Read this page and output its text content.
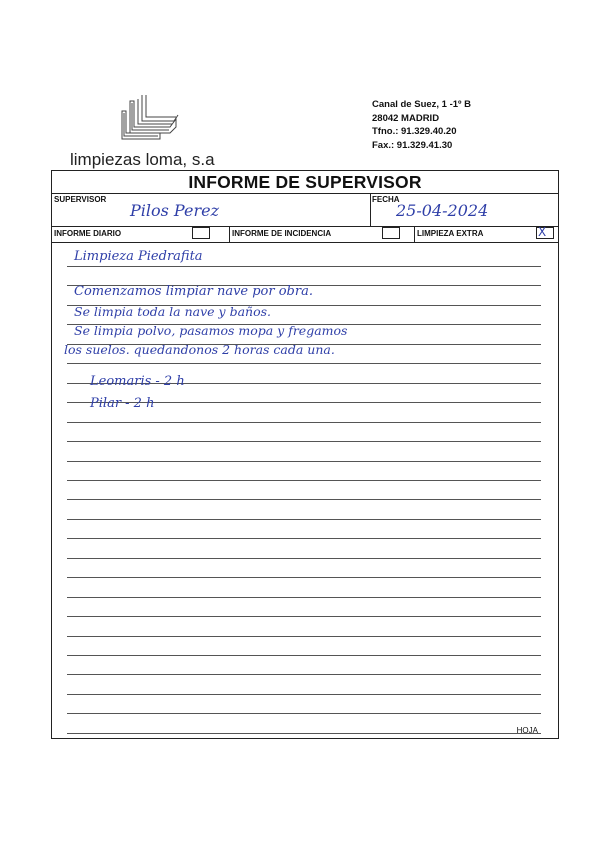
limpiezas loma, s.a
Canal de Suez, 1 -1º B
28042 MADRID
Tfno.: 91.329.40.20
Fax.: 91.329.41.30
INFORME DE SUPERVISOR
SUPERVISOR
Pilos Perez
FECHA
25-04-2024
INFORME DIARIO	INFORME DE INCIDENCIA	LIMPIEZA EXTRA	X
Limpieza Piedrafita
Comenzamos limpiar nave por obra.
Se limpia toda la nave y baños.
Se limpia polvo, pasamos mopa y fregamos
los suelos. quedandonos 2 horas cada una.
Leomaris - 2 h
Pilar - 2 h
HOJA
